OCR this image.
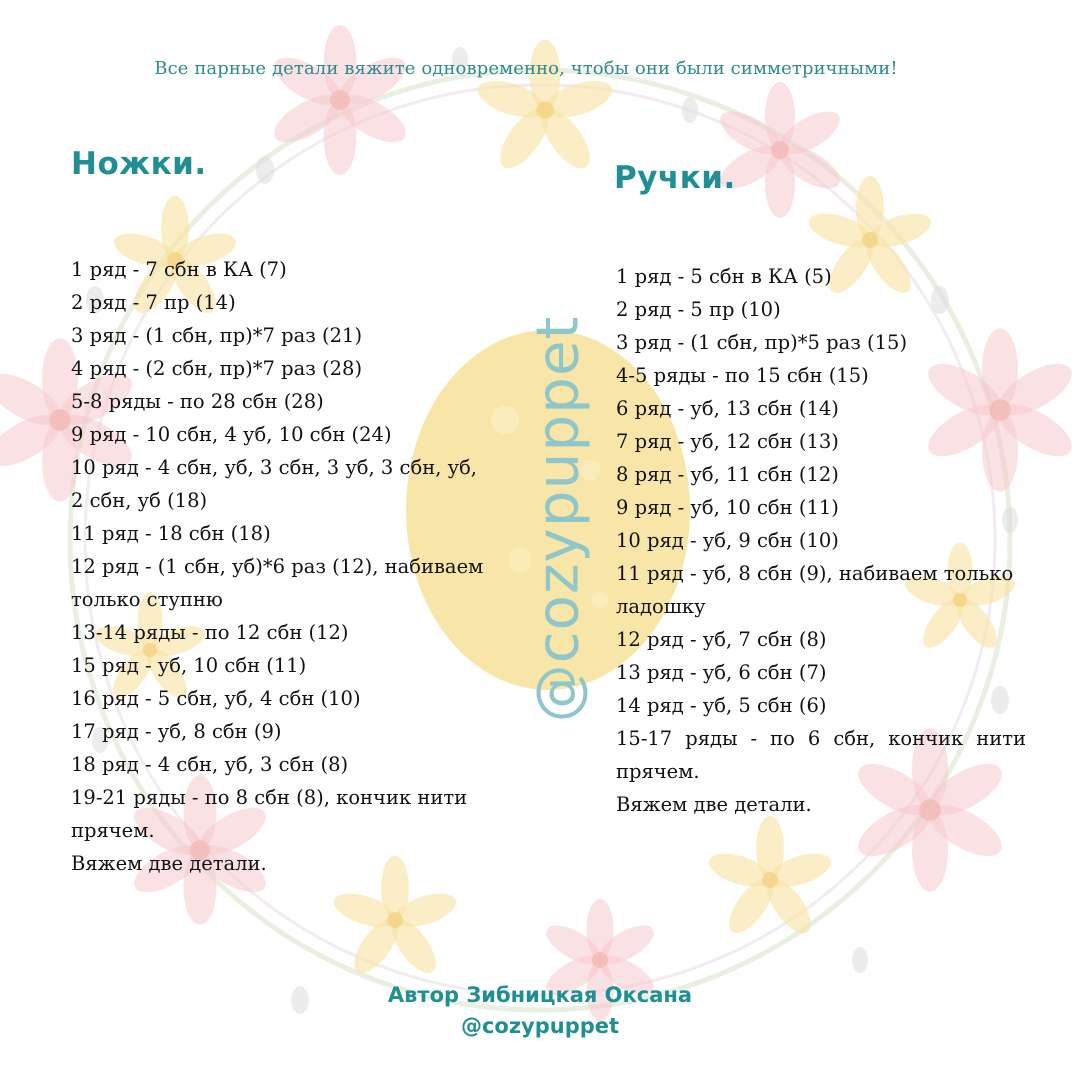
Все парные детали вяжите одновременно, чтобы они были симметричными!
Ножки.	Ручки.
1 ряд - 7 сбн в КА (7)
2 ряд - 7 пр (14)
3 ряд - (1 сбн, пр)*7 раз (21)
4 ряд - (2 сбн, пр)*7 раз (28)
5-8 ряды - по 28 сбн (28)
9 ряд - 10 сбн, 4 уб, 10 сбн (24)
10 ряд - 4 сбн, уб, 3 сбн, 3 уб, 3 сбн, уб,
2 сбн, уб (18)
11 ряд - 18 сбн (18)
12 ряд - (1 сбн, уб)*6 раз (12), набиваем
только ступню
13-14 ряды - по 12 сбн (12)
15 ряд - уб, 10 сбн (11)
16 ряд - 5 сбн, уб, 4 сбн (10)
17 ряд - уб, 8 сбн (9)
18 ряд - 4 сбн, уб, 3 сбн (8)
19-21 ряды - по 8 сбн (8), кончик нити
прячем.
Вяжем две детали.
@cozypuppet
1 ряд - 5 сбн в КА (5)
2 ряд - 5 пр (10)
3 ряд - (1 сбн, пр)*5 раз (15)
4-5 ряды - по 15 сбн (15)
6 ряд - уб, 13 сбн (14)
7 ряд - уб, 12 сбн (13)
8 ряд - уб, 11 сбн (12)
9 ряд - уб, 10 сбн (11)
10 ряд - уб, 9 сбн (10)
11 ряд - уб, 8 сбн (9), набиваем только
ладошку
12 ряд - уб, 7 сбн (8)
13 ряд - уб, 6 сбн (7)
14 ряд - уб, 5 сбн (6)
15-17 ряды - по 6 сбн, кончик нити
прячем.
Вяжем две детали.
Автор Зибницкая Оксана
@cozypuppet
